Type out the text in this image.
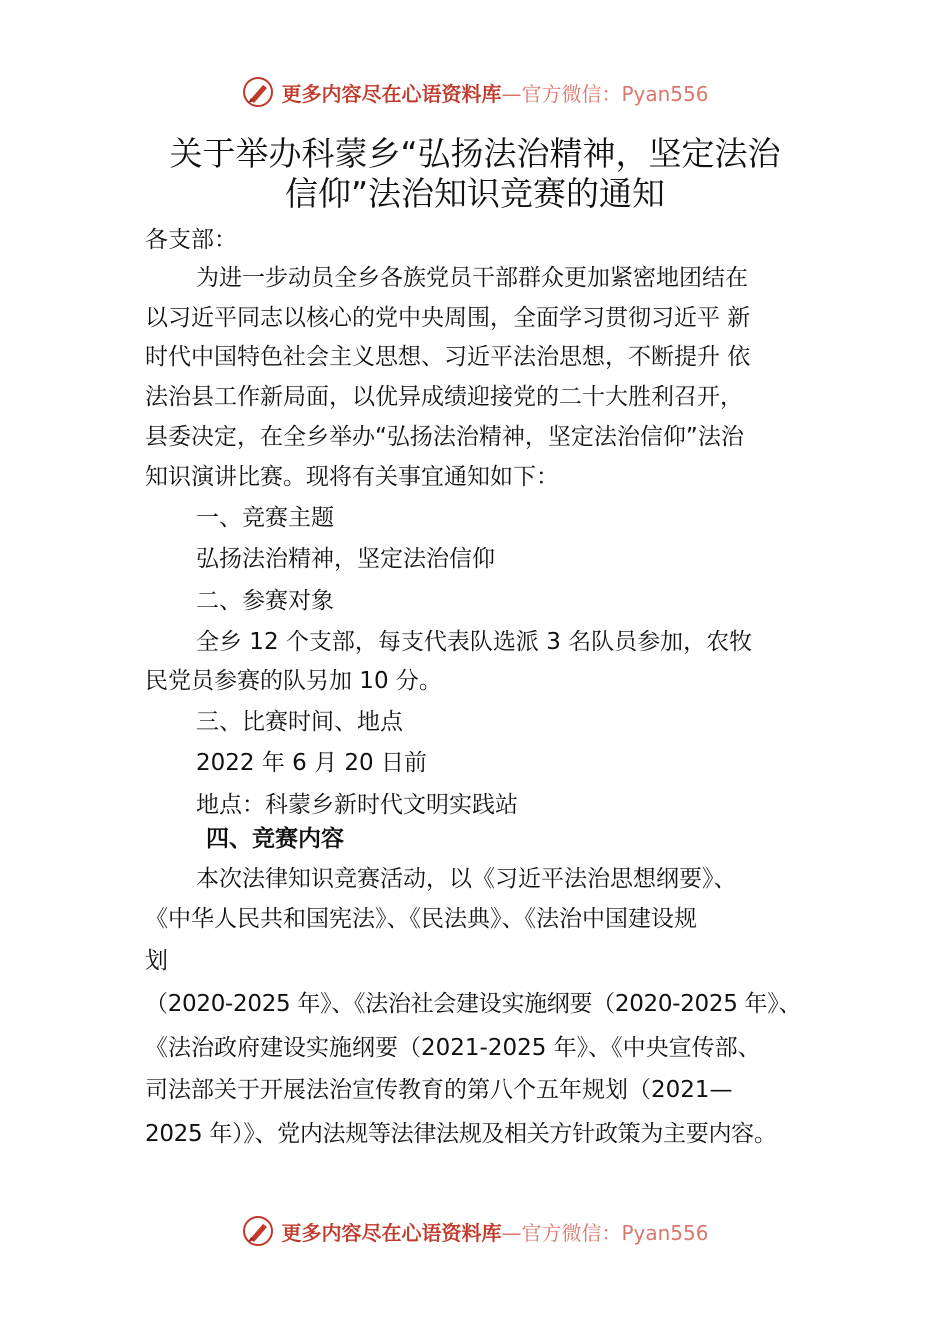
更多内容尽在心语资料库—官方微信：Pyan556
关于举办科蒙乡“弘扬法治精神，坚定法治
信仰”法治知识竞赛的通知
各支部：
为进一步动员全乡各族党员干部群众更加紧密地团结在
以习近平同志以核心的党中央周围，全面学习贯彻习近平 新
时代中国特色社会主义思想、习近平法治思想，不断提升 依
法治县工作新局面，以优异成绩迎接党的二十大胜利召开，
县委决定，在全乡举办“弘扬法治精神，坚定法治信仰”法治
知识演讲比赛。现将有关事宜通知如下：
一、竞赛主题
弘扬法治精神，坚定法治信仰
二、参赛对象
全乡 12 个支部，每支代表队选派 3 名队员参加，农牧
民党员参赛的队另加 10 分。
三、比赛时间、地点
2022 年 6 月 20 日前
地点：科蒙乡新时代文明实践站
四、竞赛内容
本次法律知识竞赛活动，以《习近平法治思想纲要》、
《中华人民共和国宪法》、《民法典》、《法治中国建设规
划
（2020-2025 年》、《法治社会建设实施纲要（2020-2025 年》、
《法治政府建设实施纲要（2021-2025 年》、《中央宣传部、
司法部关于开展法治宣传教育的第八个五年规划（2021—
2025 年）》、党内法规等法律法规及相关方针政策为主要内容。
更多内容尽在心语资料库—官方微信：Pyan556
